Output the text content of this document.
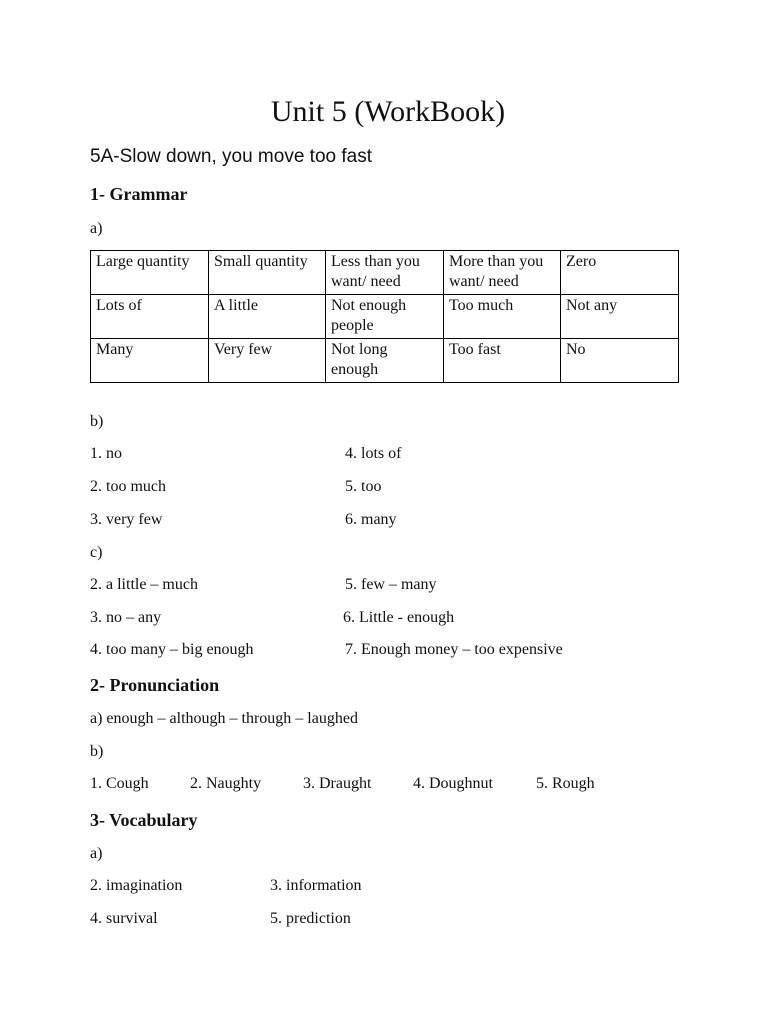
Unit 5 (WorkBook)
5A-Slow down, you move too fast
1- Grammar
a)
Large quantity	Small quantity	Less than you want/ need	More than you want/ need	Zero
Lots of	A little	Not enough people	Too much	Not any
Many	Very few	Not long enough	Too fast	No
b)
1. no	4. lots of
2. too much	5. too
3. very few	6. many
c)
2. a little – much	5. few – many
3. no – any	6. Little - enough
4. too many – big enough	7. Enough money – too expensive
2- Pronunciation
a) enough – although – through – laughed
b)
1. Cough	2. Naughty	3. Draught	4. Doughnut	5. Rough
3- Vocabulary
a)
2. imagination	3. information
4. survival	5. prediction
